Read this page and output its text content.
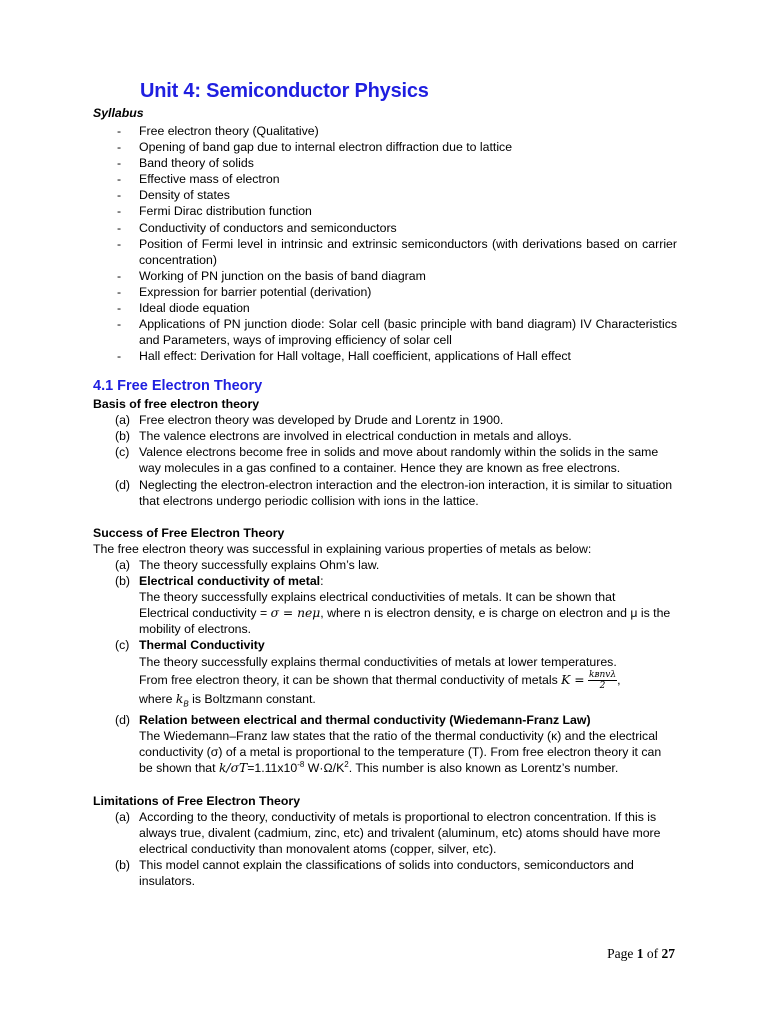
Unit 4: Semiconductor Physics
Syllabus
- Free electron theory (Qualitative)
- Opening of band gap due to internal electron diffraction due to lattice
- Band theory of solids
- Effective mass of electron
- Density of states
- Fermi Dirac distribution function
- Conductivity of conductors and semiconductors
- Position of Fermi level in intrinsic and extrinsic semiconductors (with derivations based on carrier concentration)
- Working of PN junction on the basis of band diagram
- Expression for barrier potential (derivation)
- Ideal diode equation
- Applications of PN junction diode: Solar cell (basic principle with band diagram) IV Characteristics and Parameters, ways of improving efficiency of solar cell
- Hall effect: Derivation for Hall voltage, Hall coefficient, applications of Hall effect
4.1 Free Electron Theory
Basis of free electron theory
(a) Free electron theory was developed by Drude and Lorentz in 1900.
(b) The valence electrons are involved in electrical conduction in metals and alloys.
(c) Valence electrons become free in solids and move about randomly within the solids in the same way molecules in a gas confined to a container. Hence they are known as free electrons.
(d) Neglecting the electron-electron interaction and the electron-ion interaction, it is similar to situation that electrons undergo periodic collision with ions in the lattice.
Success of Free Electron Theory
The free electron theory was successful in explaining various properties of metals as below:
(a) The theory successfully explains Ohm’s law.
(b) Electrical conductivity of metal:
The theory successfully explains electrical conductivities of metals. It can be shown that
Electrical conductivity = σ = neμ, where n is electron density, e is charge on electron and μ is the mobility of electrons.
(c) Thermal Conductivity
The theory successfully explains thermal conductivities of metals at lower temperatures.
From free electron theory, it can be shown that thermal conductivity of metals $K = \frac{\text{kʙnvλ}}{2}$ ,
where $k_B$ is Boltzmann constant.
(d) Relation between electrical and thermal conductivity (Wiedemann-Franz Law)
The Wiedemann–Franz law states that the ratio of the thermal conductivity (κ) and the electrical conductivity (σ) of a metal is proportional to the temperature (T). From free electron theory it can be shown that $k/\sigma T=1.11x10^{-8}$ $W\cdot\Omega/K^2$. This number is also known as Lorentz’s number.
Limitations of Free Electron Theory
(a) According to the theory, conductivity of metals is proportional to electron concentration. If this is always true, divalent (cadmium, zinc, etc) and trivalent (aluminum, etc) atoms should have more electrical conductivity than monovalent atoms (copper, silver, etc).
(b) This model cannot explain the classifications of solids into conductors, semiconductors and insulators.
Page 1 of 27
